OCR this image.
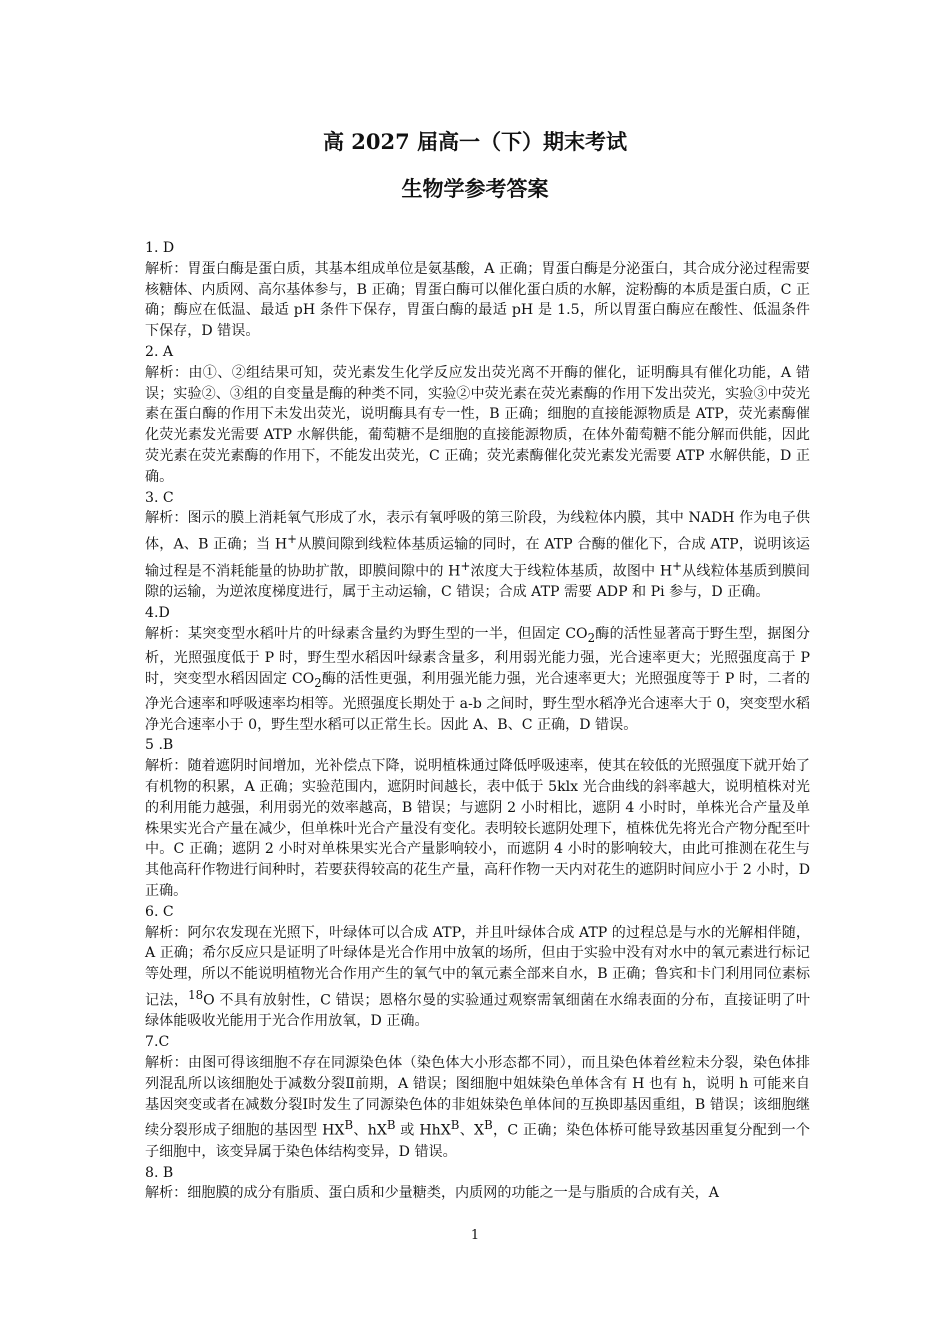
高 2027 届高一（下）期末考试
生物学参考答案

1. D

解析：胃蛋白酶是蛋白质，其基本组成单位是氨基酸，A 正确；胃蛋白酶是分泌蛋白，其合成分泌过程需要核糖体、内质网、高尔基体参与，B 正确；胃蛋白酶可以催化蛋白质的水解，淀粉酶的本质是蛋白质，C 正确；酶应在低温、最适 pH 条件下保存，胃蛋白酶的最适 pH 是 1.5，所以胃蛋白酶应在酸性、低温条件下保存，D 错误。

2. A

解析：由①、②组结果可知，荧光素发生化学反应发出荧光离不开酶的催化，证明酶具有催化功能，A 错误；实验②、③组的自变量是酶的种类不同，实验②中荧光素在荧光素酶的作用下发出荧光，实验③中荧光素在蛋白酶的作用下未发出荧光，说明酶具有专一性，B 正确；细胞的直接能源物质是 ATP，荧光素酶催化荧光素发光需要 ATP 水解供能，葡萄糖不是细胞的直接能源物质，在体外葡萄糖不能分解而供能，因此荧光素在荧光素酶的作用下，不能发出荧光，C 正确；荧光素酶催化荧光素发光需要 ATP 水解供能，D 正确。

3. C

解析：图示的膜上消耗氧气形成了水，表示有氧呼吸的第三阶段，为线粒体内膜，其中 NADH 作为电子供体，A、B 正确；当 H+从膜间隙到线粒体基质运输的同时，在 ATP 合酶的催化下，合成 ATP，说明该运输过程是不消耗能量的协助扩散，即膜间隙中的 H+浓度大于线粒体基质，故图中 H+从线粒体基质到膜间隙的运输，为逆浓度梯度进行，属于主动运输，C 错误；合成 ATP 需要 ADP 和 Pi 参与，D 正确。

4.D

解析：某突变型水稻叶片的叶绿素含量约为野生型的一半，但固定 $CO_2$酶的活性显著高于野生型，据图分析，光照强度低于 P 时，野生型水稻因叶绿素含量多，利用弱光能力强，光合速率更大；光照强度高于 P 时，突变型水稻因固定 $CO_2$酶的活性更强，利用强光能力强，光合速率更大；光照强度等于 P 时，二者的净光合速率和呼吸速率均相等。光照强度长期处于 a-b 之间时，野生型水稻净光合速率大于 0，突变型水稻净光合速率小于 0，野生型水稻可以正常生长。因此 A、B、C 正确，D 错误。

5 .B

解析：随着遮阴时间增加，光补偿点下降，说明植株通过降低呼吸速率，使其在较低的光照强度下就开始了有机物的积累，A 正确；实验范围内，遮阴时间越长，表中低于 5klx 光合曲线的斜率越大，说明植株对光的利用能力越强，利用弱光的效率越高，B 错误；与遮阴 2 小时相比，遮阴 4 小时时，单株光合产量及单株果实光合产量在减少，但单株叶光合产量没有变化。表明较长遮阴处理下，植株优先将光合产物分配至叶中。C 正确；遮阴 2 小时对单株果实光合产量影响较小，而遮阴 4 小时的影响较大，由此可推测在花生与其他高秆作物进行间种时，若要获得较高的花生产量，高秆作物一天内对花生的遮阴时间应小于 2 小时，D 正确。

6. C

解析：阿尔农发现在光照下，叶绿体可以合成 ATP，并且叶绿体合成 ATP 的过程总是与水的光解相伴随，A 正确；希尔反应只是证明了叶绿体是光合作用中放氧的场所，但由于实验中没有对水中的氧元素进行标记等处理，所以不能说明植物光合作用产生的氧气中的氧元素全部来自水，B 正确；鲁宾和卡门利用同位素标记法，$^{18}$O 不具有放射性，C 错误；恩格尔曼的实验通过观察需氧细菌在水绵表面的分布，直接证明了叶绿体能吸收光能用于光合作用放氧，D 正确。

7.C

解析：由图可得该细胞不存在同源染色体（染色体大小形态都不同），而且染色体着丝粒未分裂，染色体排列混乱所以该细胞处于减数分裂Ⅱ前期，A 错误；图细胞中姐妹染色单体含有 H 也有 h，说明 h 可能来自基因突变或者在减数分裂Ⅰ时发生了同源染色体的非姐妹染色单体间的互换即基因重组，B 错误；该细胞继续分裂形成子细胞的基因型 $HX^B$、$hX^B$ 或 HhX$^B$、$X^B$，C 正确；染色体桥可能导致基因重复分配到一个子细胞中，该变异属于染色体结构变异，D 错误。

8. B

解析：细胞膜的成分有脂质、蛋白质和少量糖类，内质网的功能之一是与脂质的合成有关，A

1
